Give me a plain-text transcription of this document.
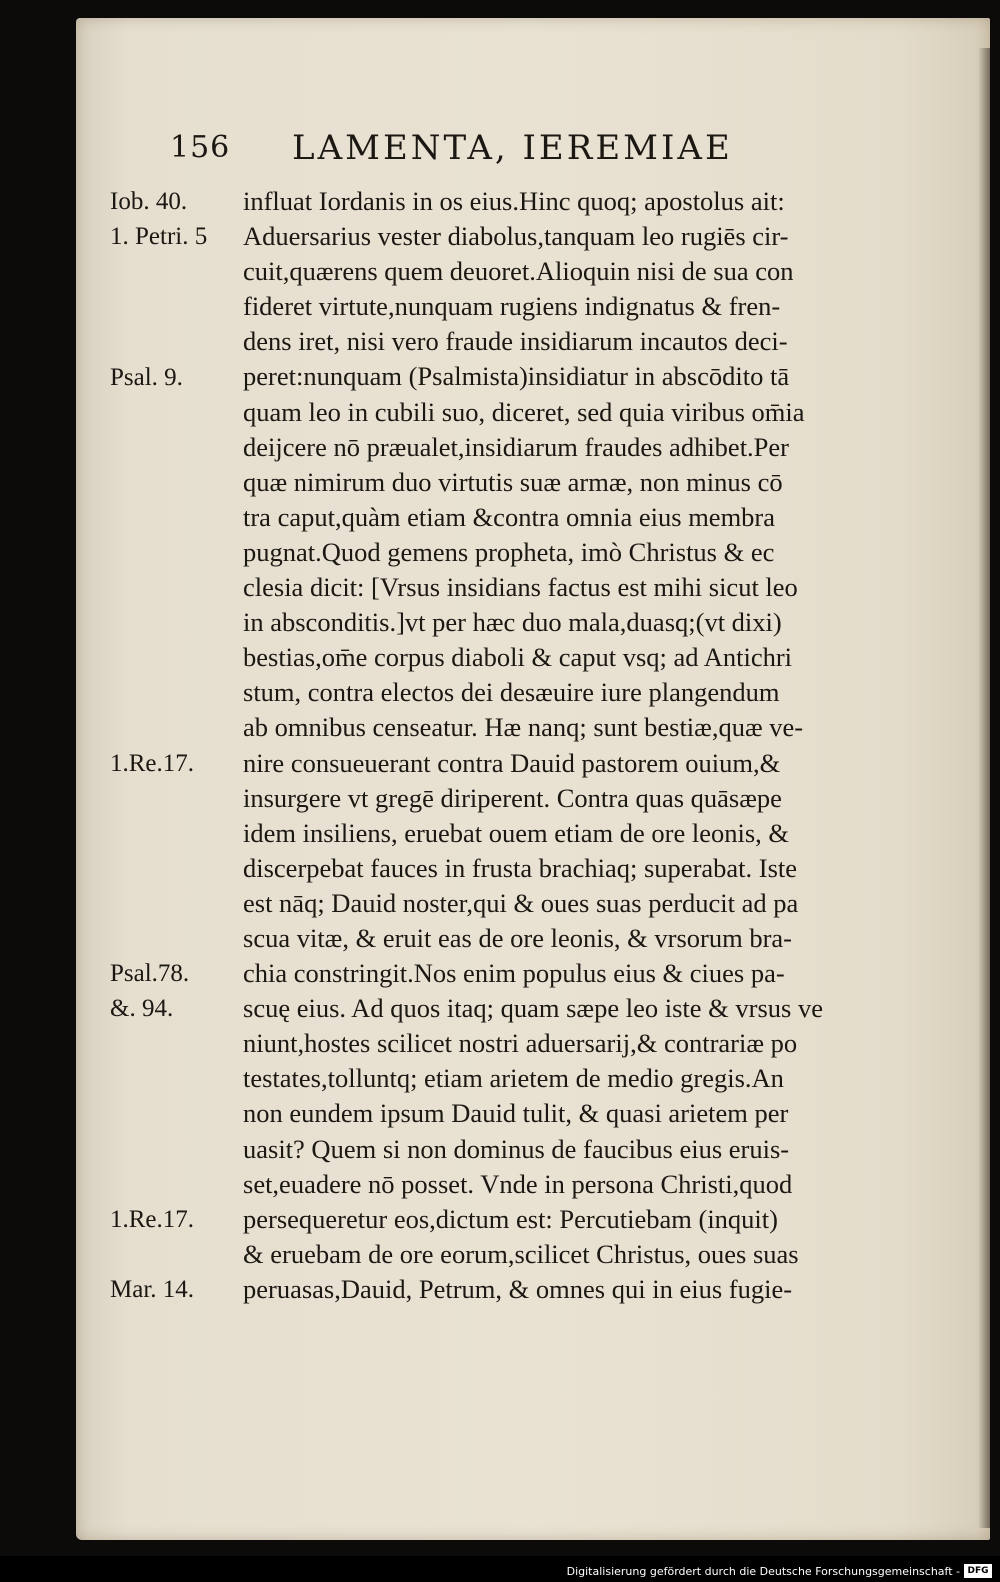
156 LAMENTA, IEREMIAE
Iob. 40.
1. Petri. 5
Psal. 9.
1.Re.17.
Psal.78.
&. 94.
1.Re.17.
Mar. 14.
influat Iordanis in os eius.Hinc quoq; apostolus ait:
Aduersarius vester diabolus,tanquam leo rugiēs cir-
cuit,quærens quem deuoret.Alioquin nisi de sua con
fideret virtute,nunquam rugiens indignatus & fren-
dens iret, nisi vero fraude insidiarum incautos deci-
peret:nunquam (Psalmista)insidiatur in abscōdito tā
quam leo in cubili suo, diceret, sed quia viribus om̄ia
deijcere nō præualet,insidiarum fraudes adhibet.Per
quæ nimirum duo virtutis suæ armæ, non minus cō
tra caput,quàm etiam &contra omnia eius membra
pugnat.Quod gemens propheta, imò Christus & ec
clesia dicit: [Vrsus insidians factus est mihi sicut leo
in absconditis.]vt per hæc duo mala,duasq;(vt dixi)
bestias,om̄e corpus diaboli & caput vsq; ad Antichri
stum, contra electos dei desæuire iure plangendum
ab omnibus censeatur. Hæ nanq; sunt bestiæ,quæ ve-
nire consueuerant contra Dauid pastorem ouium,&
insurgere vt gregē diriperent. Contra quas quāsæpe
idem insiliens, eruebat ouem etiam de ore leonis, &
discerpebat fauces in frusta brachiaq; superabat. Iste
est nāq; Dauid noster,qui & oues suas perducit ad pa
scua vitæ, & eruit eas de ore leonis, & vrsorum bra-
chia constringit.Nos enim populus eius & ciues pa-
scuę eius. Ad quos itaq; quam sæpe leo iste & vrsus ve
niunt,hostes scilicet nostri aduersarij,& contrariæ po
testates,tolluntq; etiam arietem de medio gregis.An
non eundem ipsum Dauid tulit, & quasi arietem per
uasit? Quem si non dominus de faucibus eius eruis-
set,euadere nō posset. Vnde in persona Christi,quod
persequeretur eos,dictum est: Percutiebam (inquit)
& eruebam de ore eorum,scilicet Christus, oues suas
peruasas,Dauid, Petrum, & omnes qui in eius fugie-
Digitalisierung gefördert durch die Deutsche Forschungsgemeinschaft - DFG
